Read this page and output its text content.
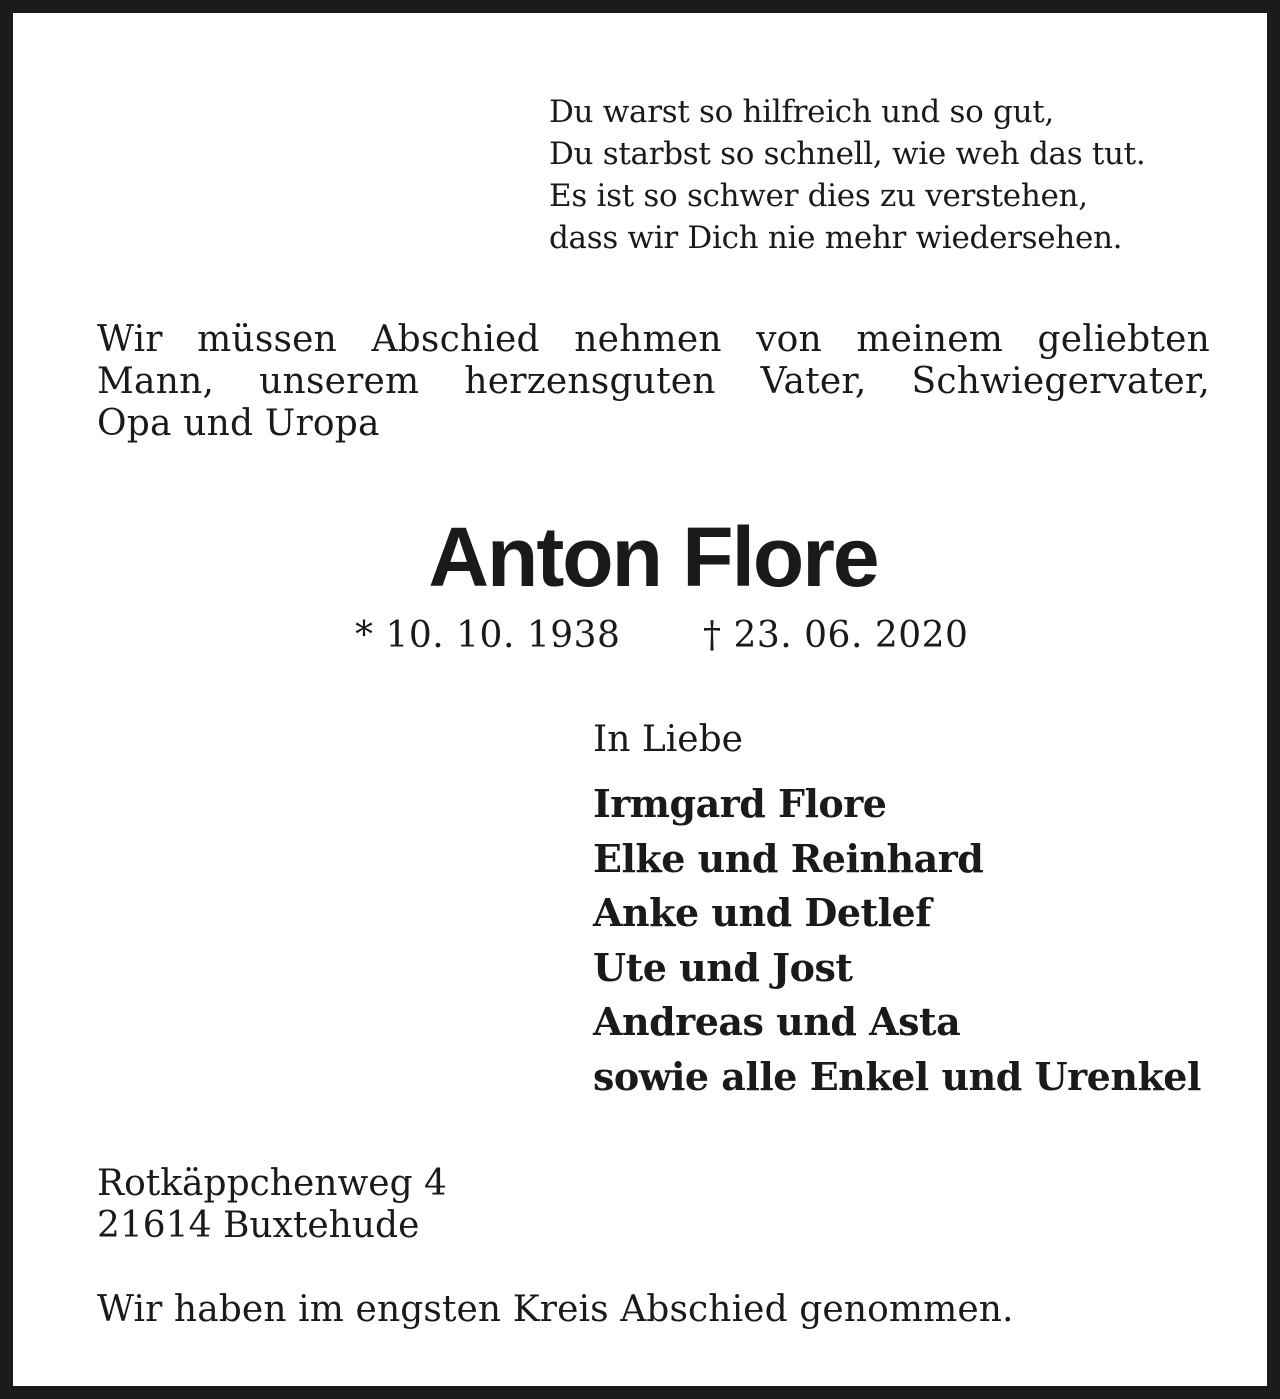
Du warst so hilfreich und so gut,
Du starbst so schnell, wie weh das tut.
Es ist so schwer dies zu verstehen,
dass wir Dich nie mehr wiedersehen.
Wir müssen Abschied nehmen von meinem geliebten
Mann, unserem herzensguten Vater, Schwiegervater,
Opa und Uropa
Anton Flore
* 10. 10. 1938 † 23. 06. 2020
In Liebe
Irmgard Flore
Elke und Reinhard
Anke und Detlef
Ute und Jost
Andreas und Asta
sowie alle Enkel und Urenkel
Rotkäppchenweg 4
21614 Buxtehude
Wir haben im engsten Kreis Abschied genommen.
